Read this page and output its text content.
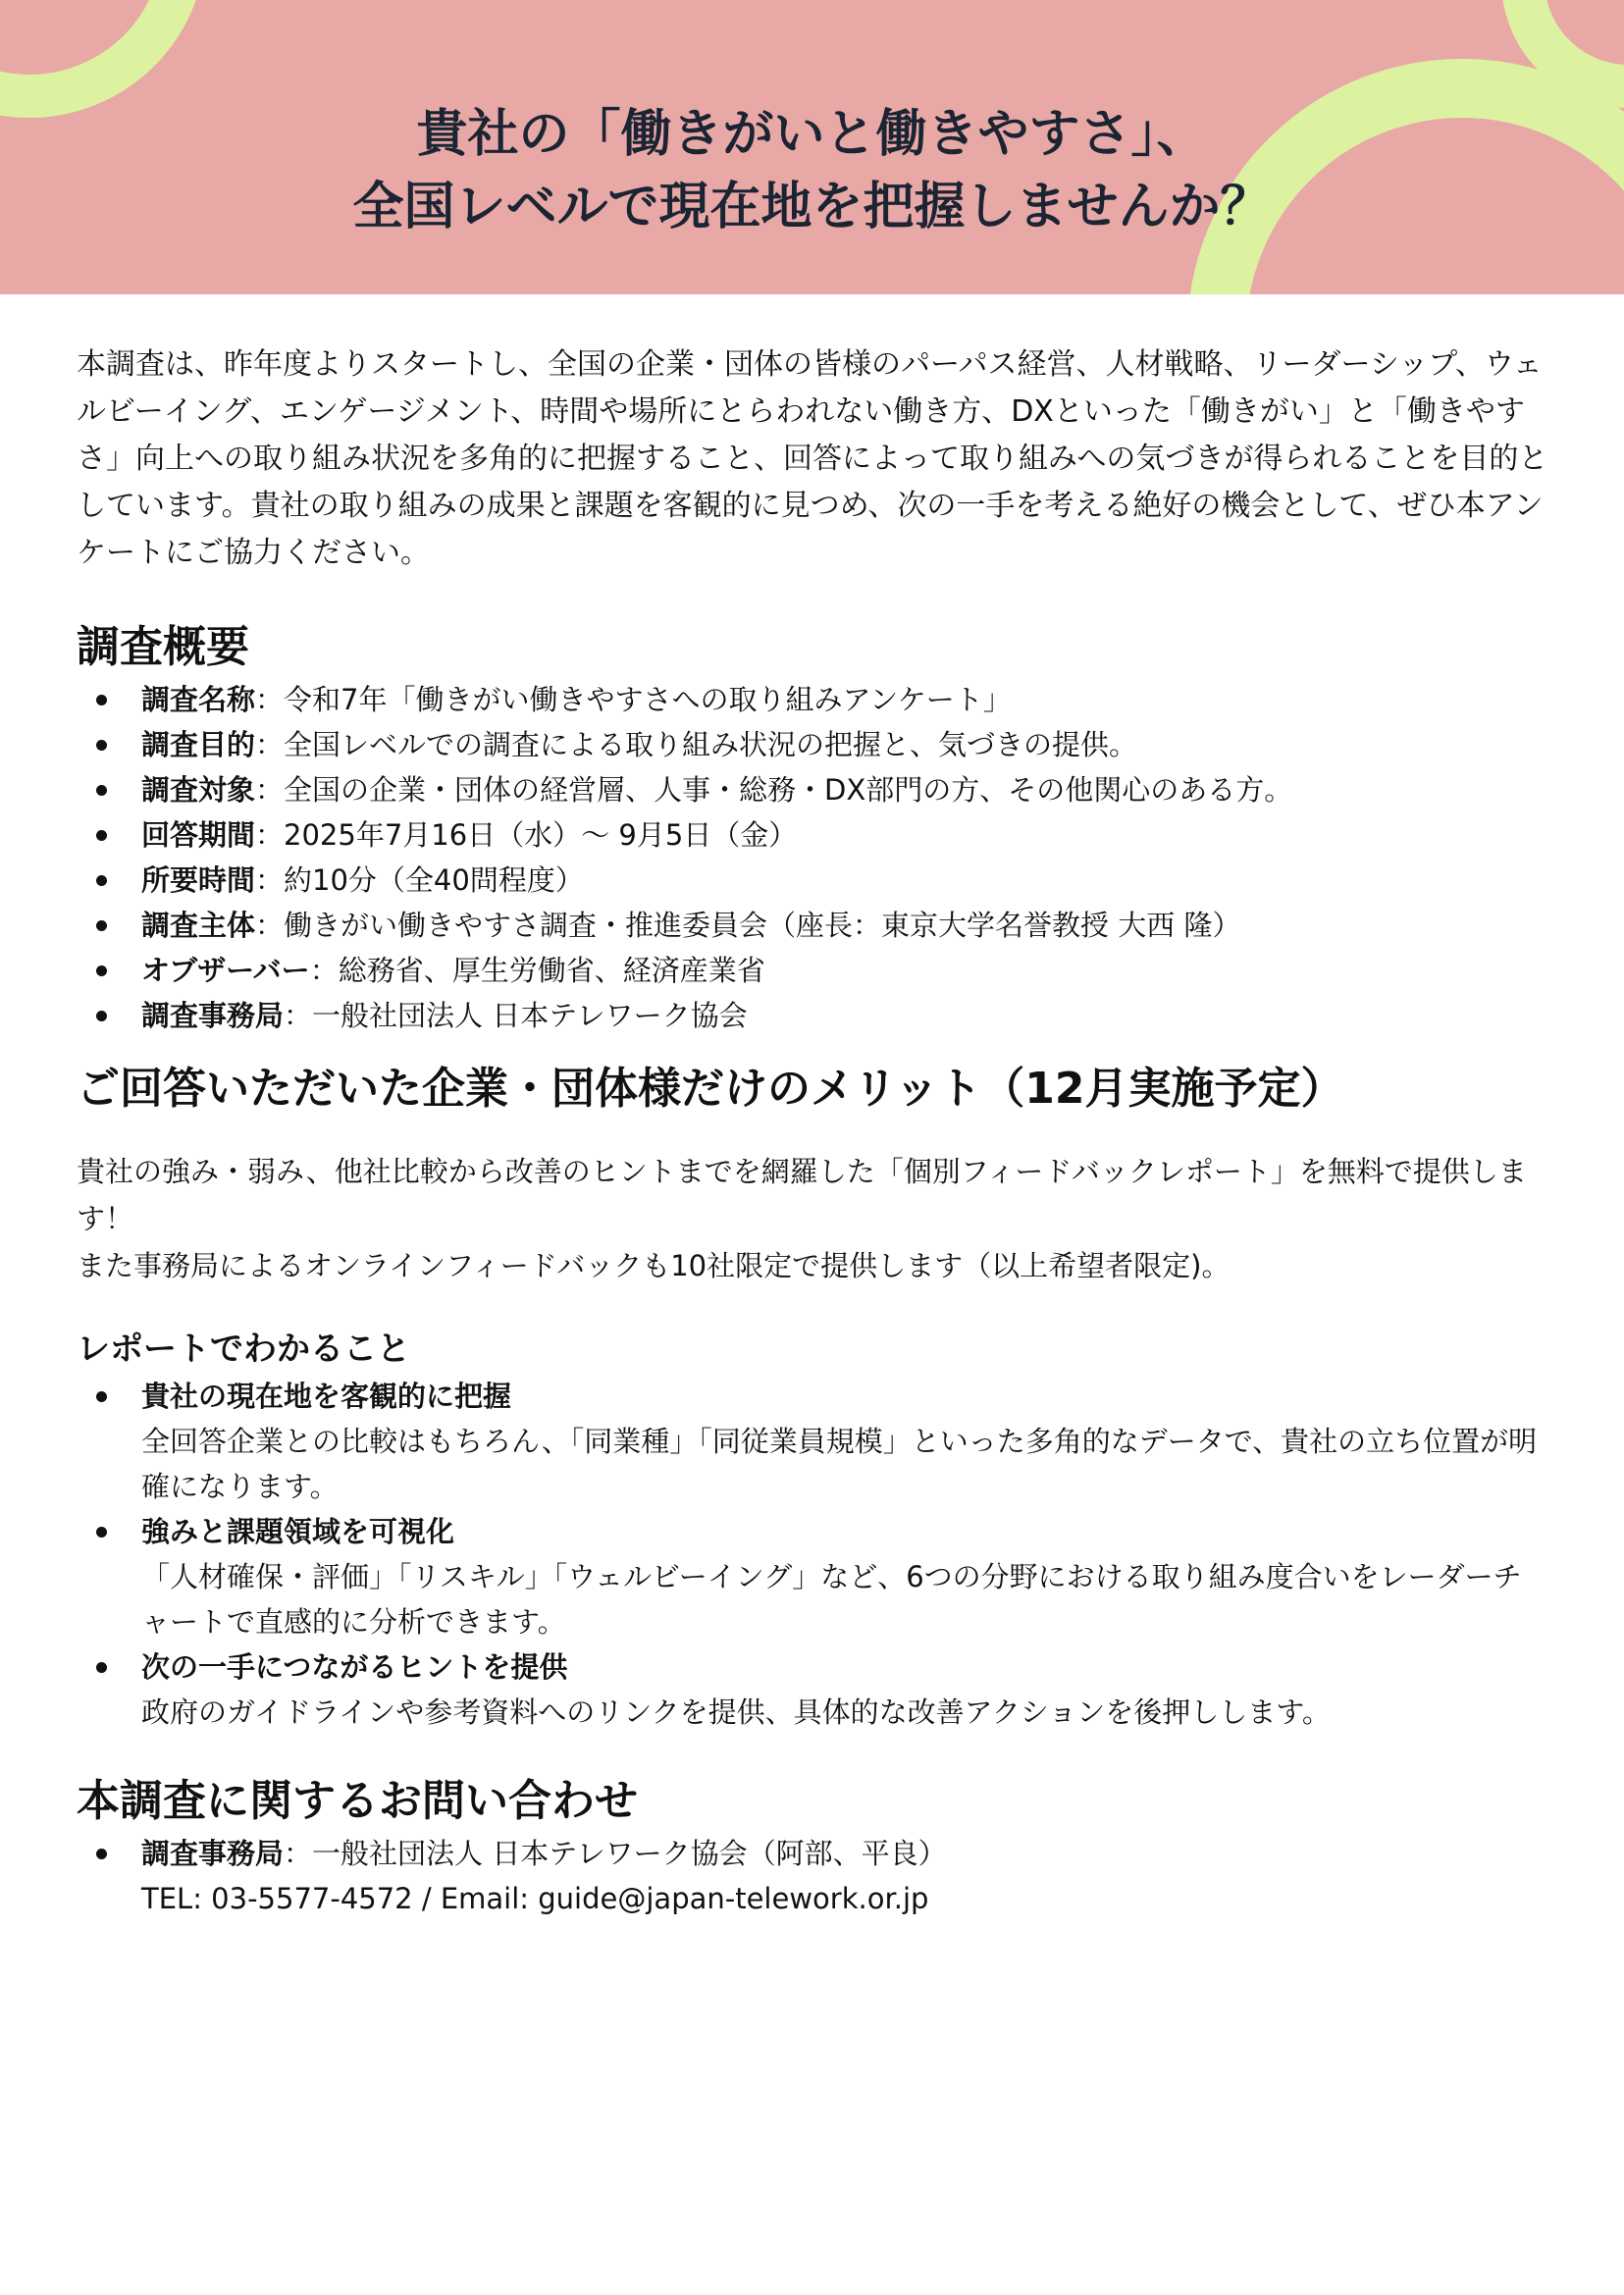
貴社の「働きがいと働きやすさ」、
全国レベルで現在地を把握しませんか？

本調査は、昨年度よりスタートし、全国の企業・団体の皆様のパーパス経営、人材戦略、リーダーシップ、ウェルビーイング、エンゲージメント、時間や場所にとらわれない働き方、DXといった「働きがい」と「働きやすさ」向上への取り組み状況を多角的に把握すること、回答によって取り組みへの気づきが得られることを目的としています。貴社の取り組みの成果と課題を客観的に見つめ、次の一手を考える絶好の機会として、ぜひ本アンケートにご協力ください。

調査概要
調査名称：令和7年「働きがい働きやすさへの取り組みアンケート」
調査目的：全国レベルでの調査による取り組み状況の把握と、気づきの提供。
調査対象：全国の企業・団体の経営層、人事・総務・DX部門の方、その他関心のある方。
回答期間：2025年7月16日（水）～ 9月5日（金）
所要時間：約10分（全40問程度）
調査主体：働きがい働きやすさ調査・推進委員会（座長：東京大学名誉教授 大西 隆）
オブザーバー：総務省、厚生労働省、経済産業省
調査事務局：一般社団法人 日本テレワーク協会
ご回答いただいた企業・団体様だけのメリット（12月実施予定）

貴社の強み・弱み、他社比較から改善のヒントまでを網羅した「個別フィードバックレポート」を無料で提供します！

また事務局によるオンラインフィードバックも10社限定で提供します（以上希望者限定)。

レポートでわかること
貴社の現在地を客観的に把握
全回答企業との比較はもちろん、「同業種」「同従業員規模」といった多角的なデータで、貴社の立ち位置が明確になります。
強みと課題領域を可視化
「人材確保・評価」「リスキル」「ウェルビーイング」など、6つの分野における取り組み度合いをレーダーチャートで直感的に分析できます。
次の一手につながるヒントを提供
政府のガイドラインや参考資料へのリンクを提供、具体的な改善アクションを後押しします。
本調査に関するお問い合わせ
調査事務局：一般社団法人 日本テレワーク協会（阿部、平良）
TEL: 03-5577-4572 / Email: guide@japan-telework.or.jp
